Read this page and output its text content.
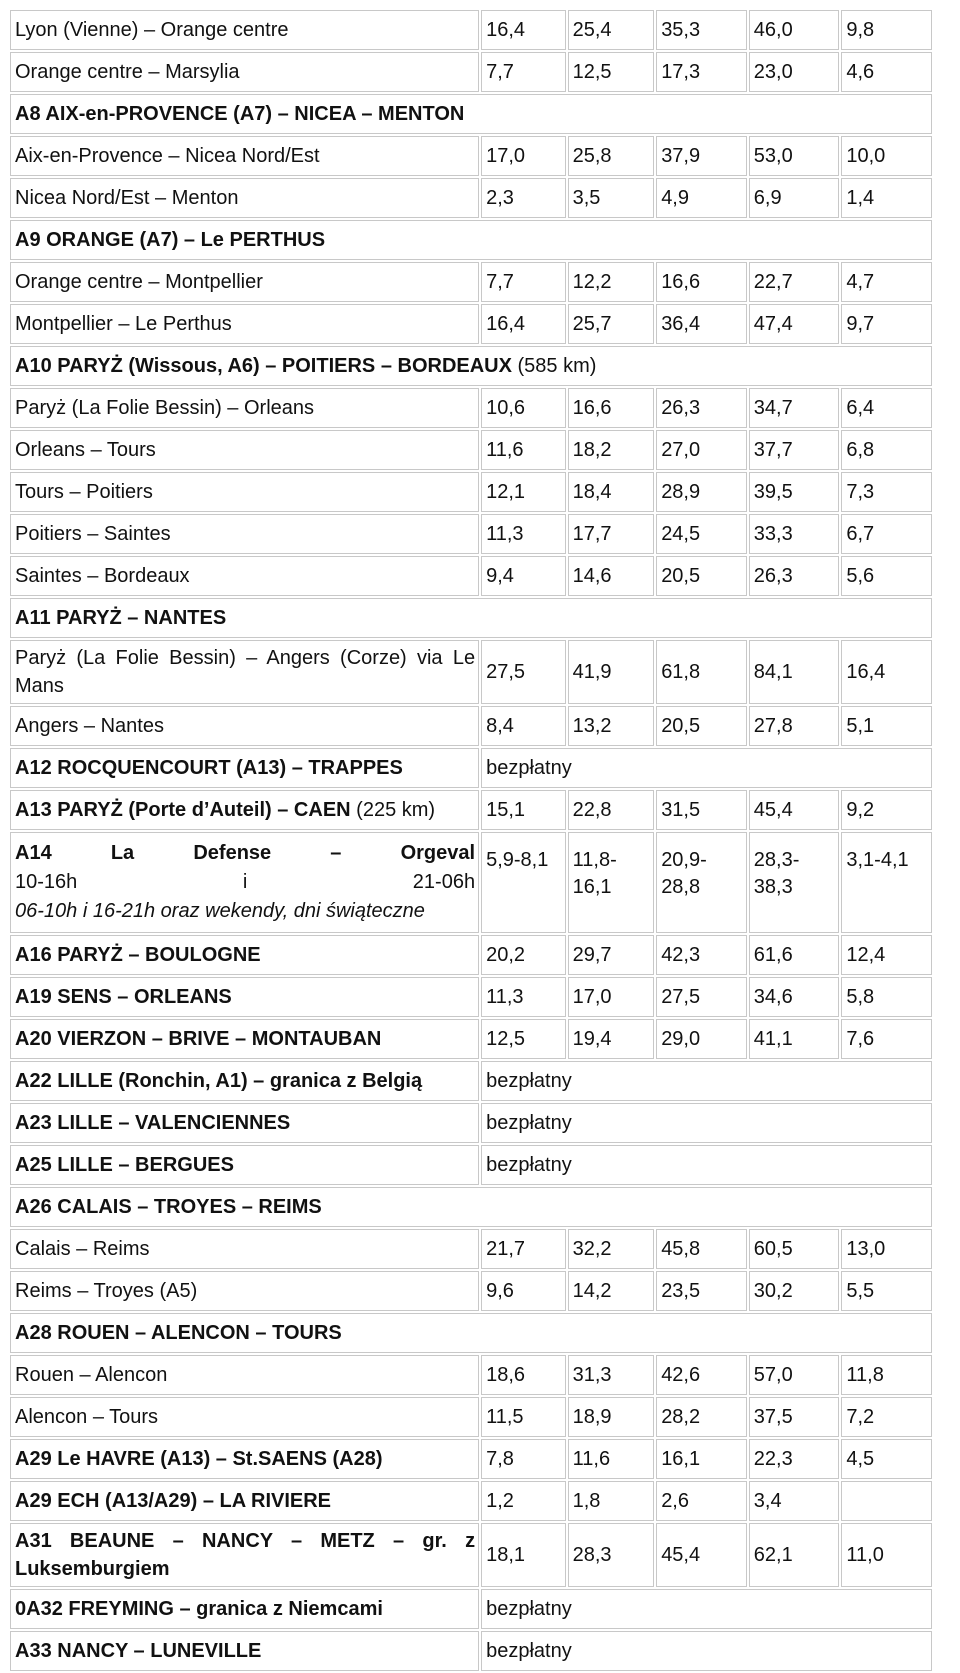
Lyon (Vienne) – Orange centre	16,4	25,4	35,3	46,0	9,8
Orange centre – Marsylia	7,7	12,5	17,3	23,0	4,6
A8 AIX-en-PROVENCE (A7) – NICEA – MENTON					
Aix-en-Provence – Nicea Nord/Est	17,0	25,8	37,9	53,0	10,0
Nicea Nord/Est – Menton	2,3	3,5	4,9	6,9	1,4
A9 ORANGE (A7) – Le PERTHUS					
Orange centre – Montpellier	7,7	12,2	16,6	22,7	4,7
Montpellier – Le Perthus	16,4	25,7	36,4	47,4	9,7
A10 PARYŻ (Wissous, A6) – POITIERS – BORDEAUX (585 km)					
Paryż (La Folie Bessin) – Orleans	10,6	16,6	26,3	34,7	6,4
Orleans – Tours	11,6	18,2	27,0	37,7	6,8
Tours – Poitiers	12,1	18,4	28,9	39,5	7,3
Poitiers – Saintes	11,3	17,7	24,5	33,3	6,7
Saintes – Bordeaux	9,4	14,6	20,5	26,3	5,6
A11 PARYŻ – NANTES					
Paryż (La Folie Bessin) – Angers (Corze) via Le Mans	27,5	41,9	61,8	84,1	16,4
Angers – Nantes	8,4	13,2	20,5	27,8	5,1
A12 ROCQUENCOURT (A13) – TRAPPES	bezpłatny				
A13 PARYŻ (Porte d’Auteil) – CAEN (225 km)	15,1	22,8	31,5	45,4	9,2

A14 La Defense – Orgeval
10-16h i 21-06h
06-10h i 16-21h oraz wekendy, dni świąteczne	5,9-8,1	11,8-16,1	20,9-28,8	28,3-38,3	3,1-4,1
A16 PARYŻ – BOULOGNE	20,2	29,7	42,3	61,6	12,4
A19 SENS – ORLEANS	11,3	17,0	27,5	34,6	5,8
A20 VIERZON – BRIVE – MONTAUBAN	12,5	19,4	29,0	41,1	7,6
A22 LILLE (Ronchin, A1) – granica z Belgią	bezpłatny				
A23 LILLE – VALENCIENNES	bezpłatny				
A25 LILLE – BERGUES	bezpłatny				
A26 CALAIS – TROYES – REIMS					
Calais – Reims	21,7	32,2	45,8	60,5	13,0
Reims – Troyes (A5)	9,6	14,2	23,5	30,2	5,5
A28 ROUEN – ALENCON – TOURS					
Rouen – Alencon	18,6	31,3	42,6	57,0	11,8
Alencon – Tours	11,5	18,9	28,2	37,5	7,2
A29 Le HAVRE (A13) – St.SAENS (A28)	7,8	11,6	16,1	22,3	4,5
A29 ECH (A13/A29) – LA RIVIERE	1,2	1,8	2,6	3,4	
A31 BEAUNE – NANCY – METZ – gr. z Luksemburgiem	18,1	28,3	45,4	62,1	11,0
0A32 FREYMING – granica z Niemcami	bezpłatny				
A33 NANCY – LUNEVILLE	bezpłatny				
